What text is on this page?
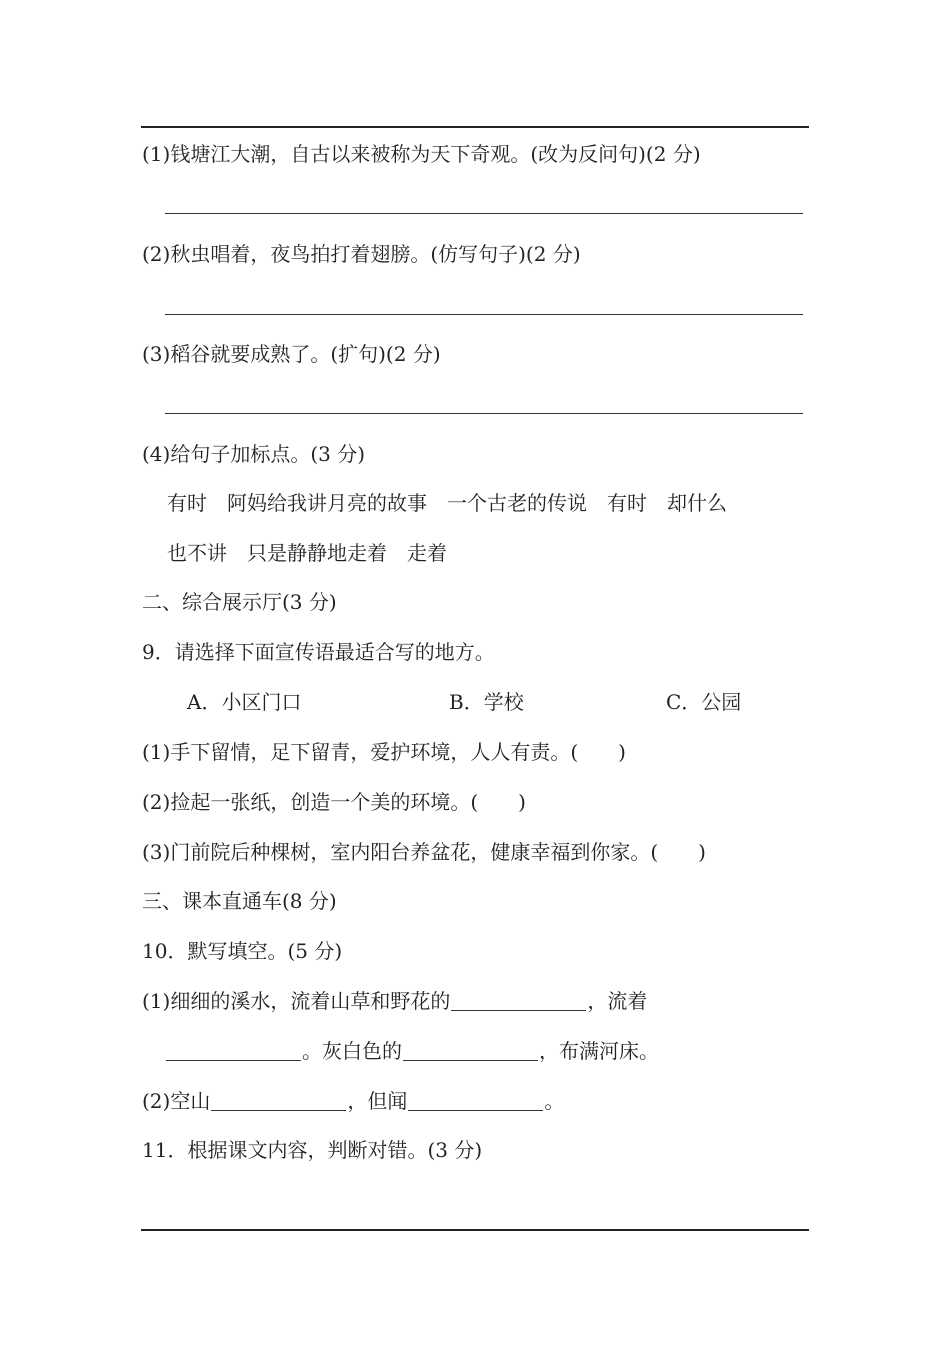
(1)钱塘江大潮，自古以来被称为天下奇观。(改为反问句)(2 分)
(2)秋虫唱着，夜鸟拍打着翅膀。(仿写句子)(2 分)
(3)稻谷就要成熟了。(扩句)(2 分)
(4)给句子加标点。(3 分)
有时　阿妈给我讲月亮的故事　一个古老的传说　有时　却什么
也不讲　只是静静地走着　走着
二、综合展示厅(3 分)
9．请选择下面宣传语最适合写的地方。
A．小区门口	B．学校	C．公园
(1)手下留情，足下留青，爱护环境，人人有责。(　　)
(2)捡起一张纸，创造一个美的环境。(　　)
(3)门前院后种棵树，室内阳台养盆花，健康幸福到你家。(　　)
三、课本直通车(8 分)
10．默写填空。(5 分)
(1)细细的溪水，流着山草和野花的	，流着
。灰白色的	，布满河床。
(2)空山	，但闻	。
11．根据课文内容，判断对错。(3 分)
